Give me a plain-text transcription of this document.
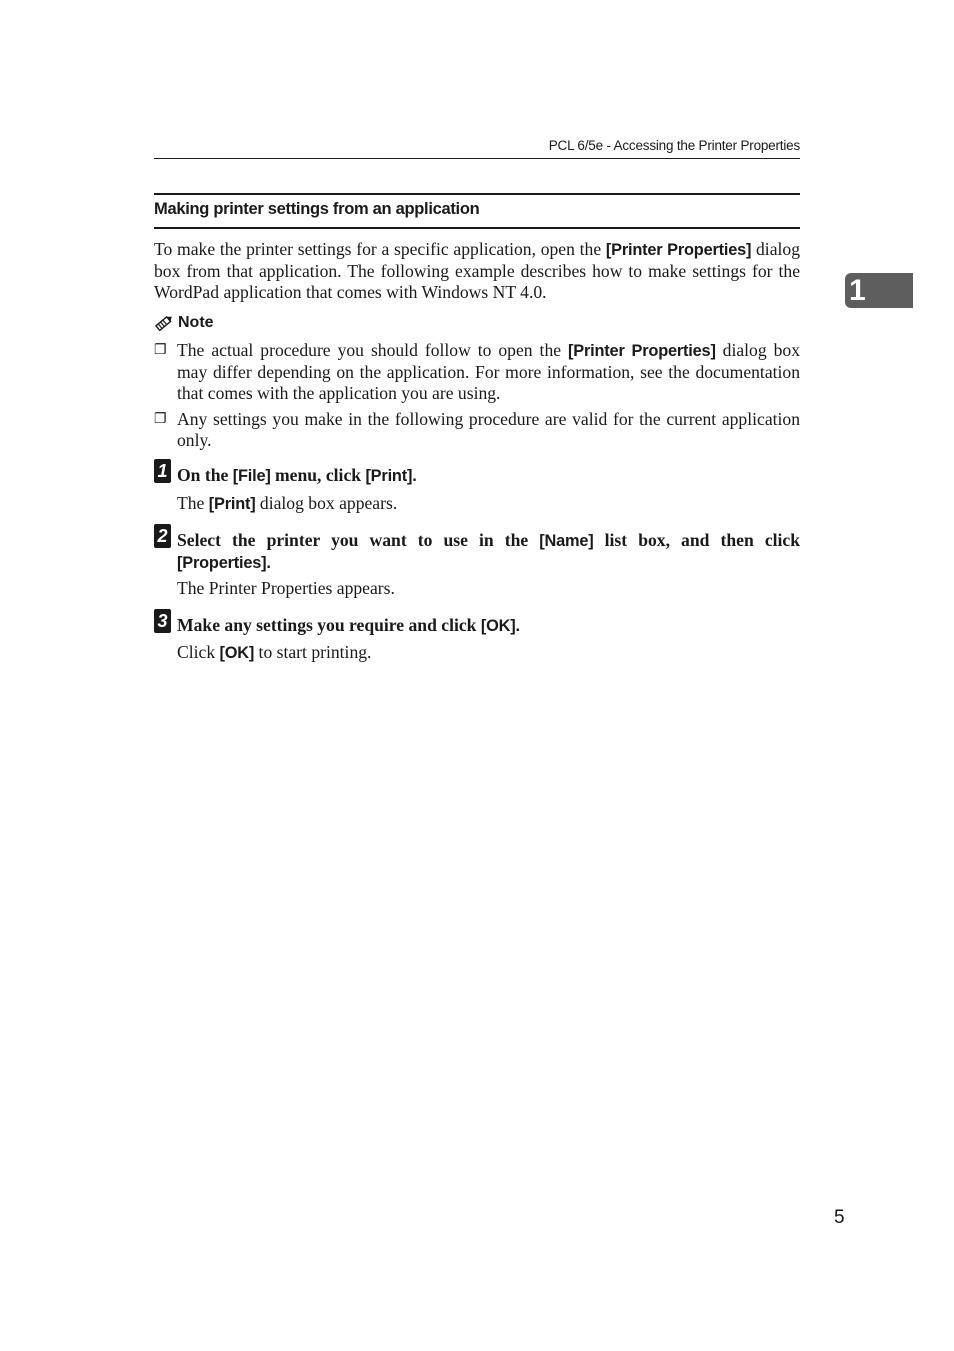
PCL 6/5e - Accessing the Printer Properties
1
Making printer settings from an application
To make the printer settings for a specific application, open the [Printer Properties] dialog box from that application. The following example describes how to make settings for the WordPad application that comes with Windows NT 4.0.
Note
❐ The actual procedure you should follow to open the [Printer Properties] dialog box may differ depending on the application. For more information, see the documentation that comes with the application you are using.
❐ Any settings you make in the following procedure are valid for the current application only.
1 On the [File] menu, click [Print].
The [Print] dialog box appears.
2 Select the printer you want to use in the [Name] list box, and then click [Properties].
The Printer Properties appears.
3 Make any settings you require and click [OK].
Click [OK] to start printing.
5
